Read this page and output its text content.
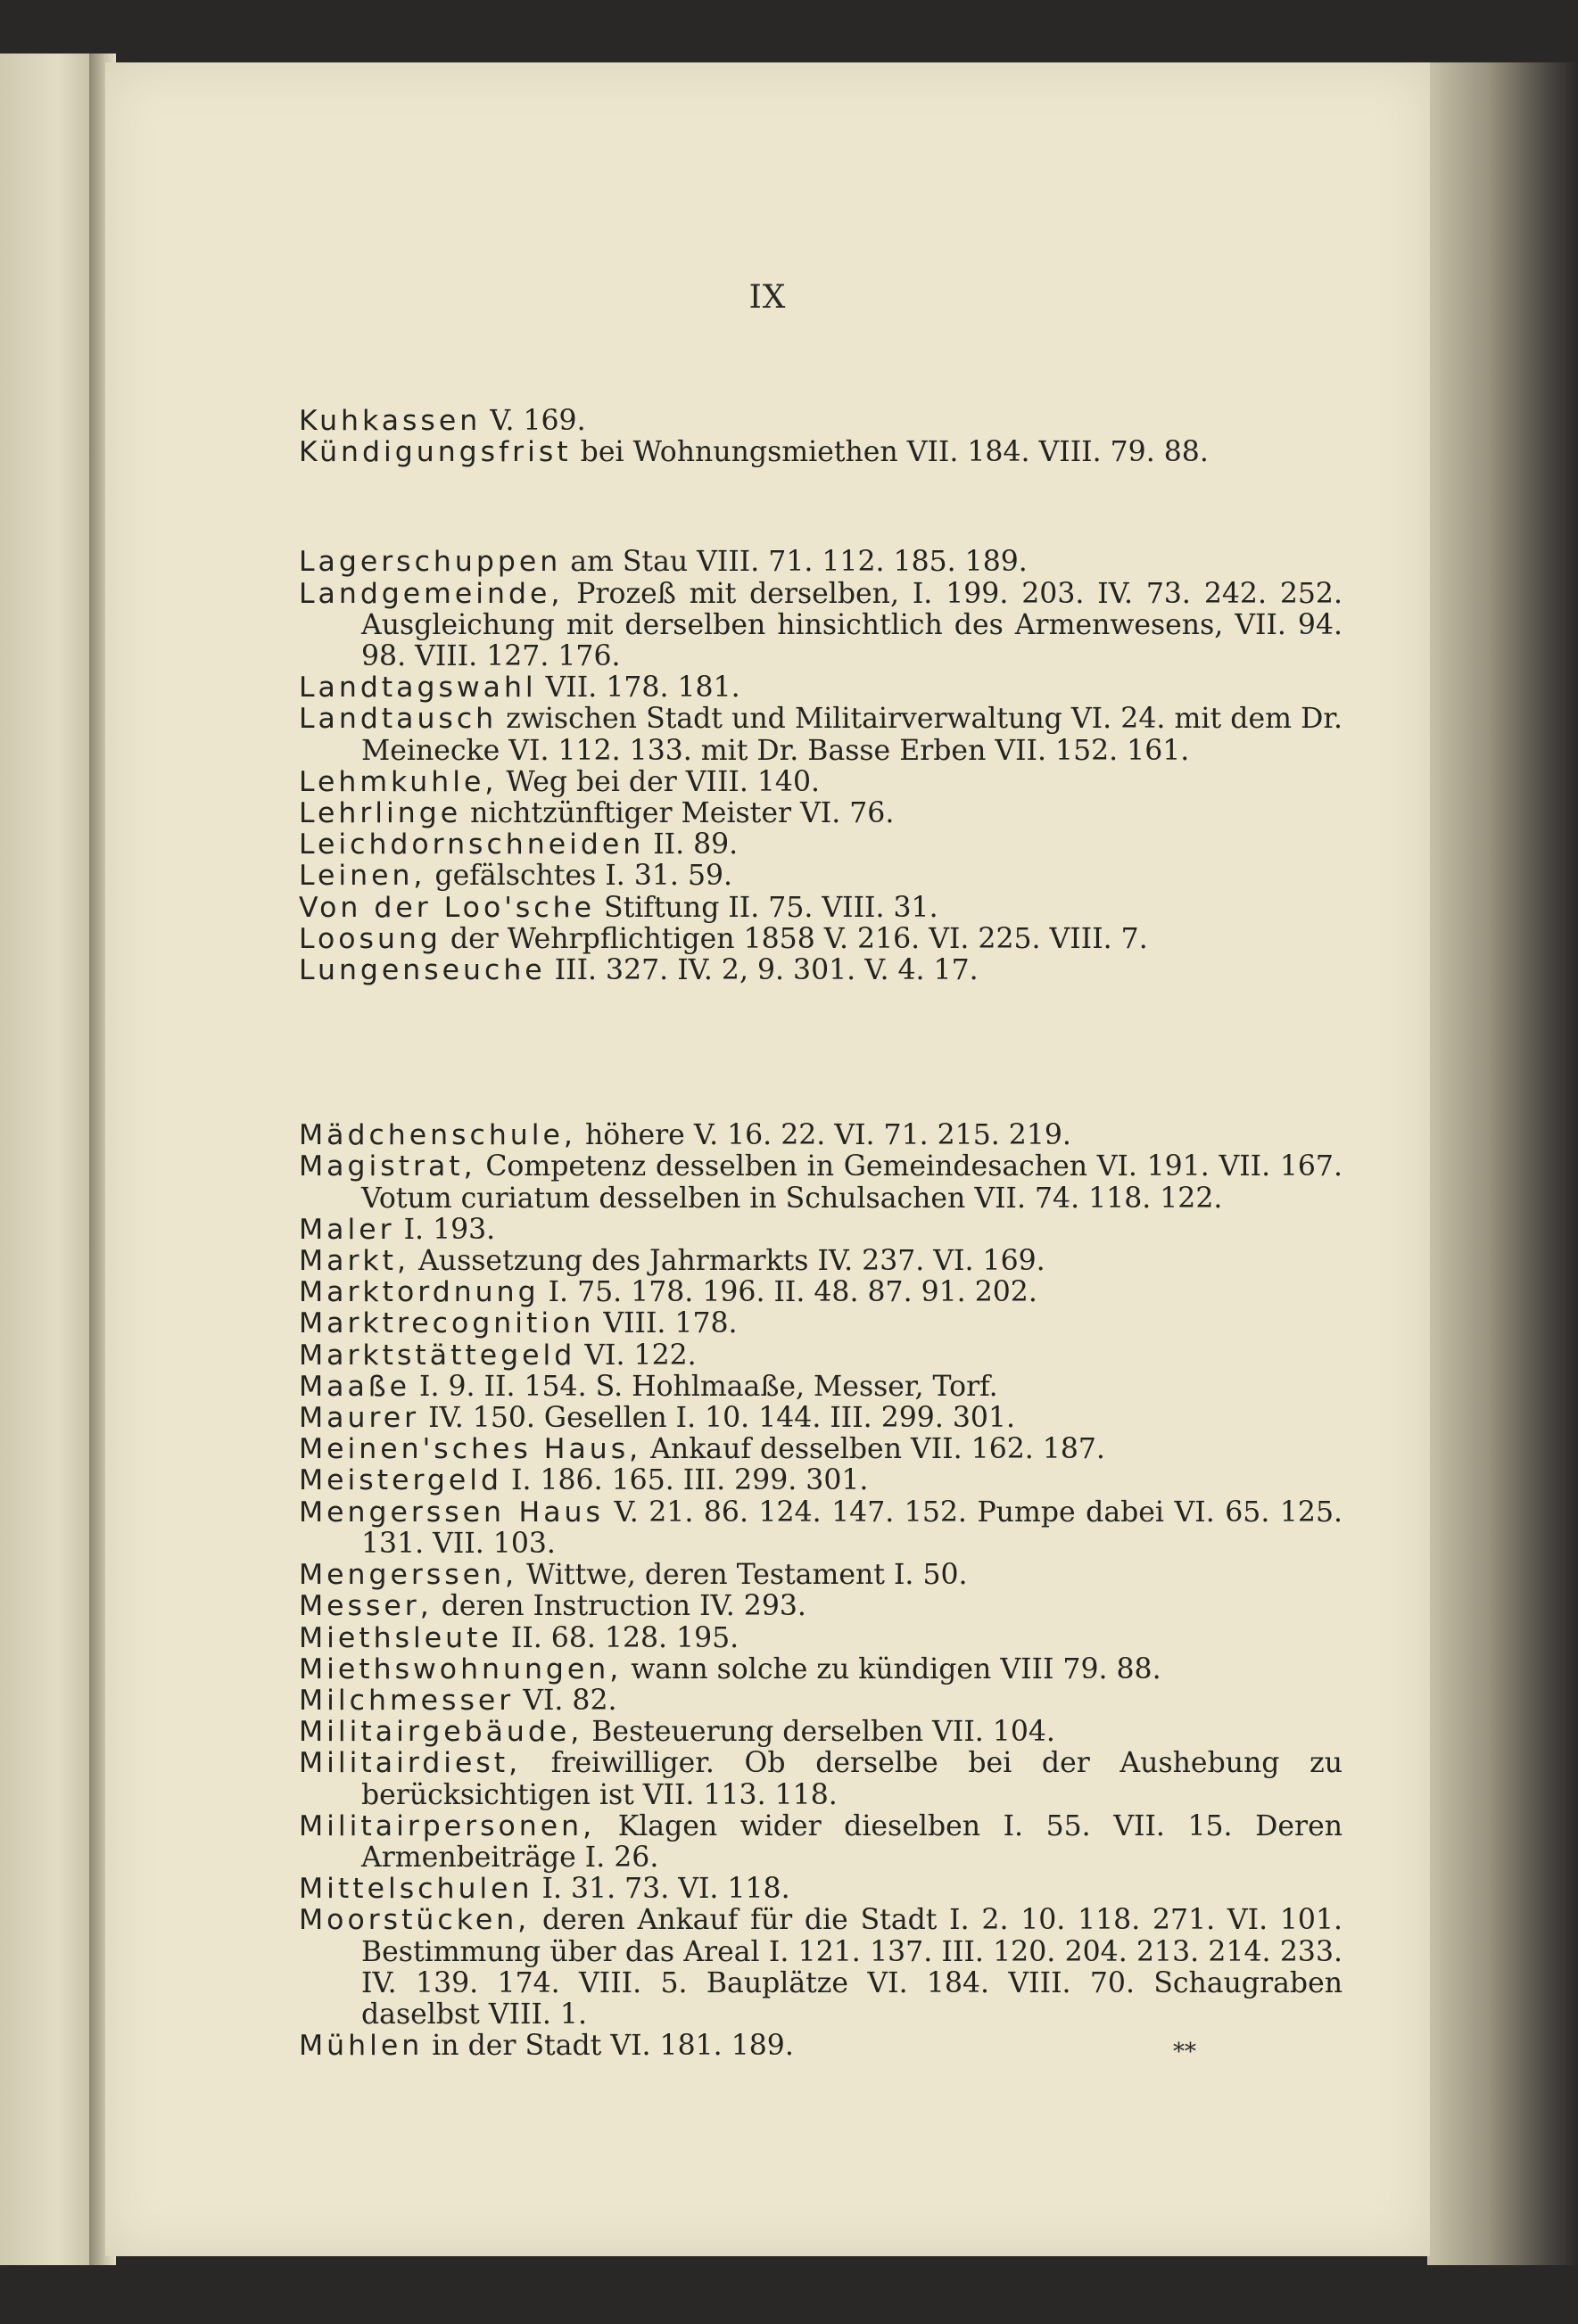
IX
Kuhkassen V. 169.
Kündigungsfrist bei Wohnungsmiethen VII. 184. VIII. 79. 88.
Lagerschuppen am Stau VIII. 71. 112. 185. 189.
Landgemeinde, Prozeß mit derselben, I. 199. 203. IV. 73. 242. 252. Ausgleichung mit derselben hinsichtlich des Armenwesens, VII. 94. 98. VIII. 127. 176.
Landtagswahl VII. 178. 181.
Landtausch zwischen Stadt und Militairverwaltung VI. 24. mit dem Dr. Meinecke VI. 112. 133. mit Dr. Basse Erben VII. 152. 161.
Lehmkuhle, Weg bei der VIII. 140.
Lehrlinge nichtzünftiger Meister VI. 76.
Leichdornschneiden II. 89.
Leinen, gefälschtes I. 31. 59.
Von der Loo'sche Stiftung II. 75. VIII. 31.
Loosung der Wehrpflichtigen 1858 V. 216. VI. 225. VIII. 7.
Lungenseuche III. 327. IV. 2, 9. 301. V. 4. 17.
Mädchenschule, höhere V. 16. 22. VI. 71. 215. 219.
Magistrat, Competenz desselben in Gemeindesachen VI. 191. VII. 167. Votum curiatum desselben in Schulsachen VII. 74. 118. 122.
Maler I. 193.
Markt, Aussetzung des Jahrmarkts IV. 237. VI. 169.
Marktordnung I. 75. 178. 196. II. 48. 87. 91. 202.
Marktrecognition VIII. 178.
Marktstättegeld VI. 122.
Maaße I. 9. II. 154. S. Hohlmaaße, Messer, Torf.
Maurer IV. 150. Gesellen I. 10. 144. III. 299. 301.
Meinen'sches Haus, Ankauf desselben VII. 162. 187.
Meistergeld I. 186. 165. III. 299. 301.
Mengerssen Haus V. 21. 86. 124. 147. 152. Pumpe dabei VI. 65. 125. 131. VII. 103.
Mengerssen, Wittwe, deren Testament I. 50.
Messer, deren Instruction IV. 293.
Miethsleute II. 68. 128. 195.
Miethswohnungen, wann solche zu kündigen VIII 79. 88.
Milchmesser VI. 82.
Militairgebäude, Besteuerung derselben VII. 104.
Militairdiest, freiwilliger. Ob derselbe bei der Aushebung zu berücksichtigen ist VII. 113. 118.
Militairpersonen, Klagen wider dieselben I. 55. VII. 15. Deren Armenbeiträge I. 26.
Mittelschulen I. 31. 73. VI. 118.
Moorstücken, deren Ankauf für die Stadt I. 2. 10. 118. 271. VI. 101. Bestimmung über das Areal I. 121. 137. III. 120. 204. 213. 214. 233. IV. 139. 174. VIII. 5. Bauplätze VI. 184. VIII. 70. Schaugraben daselbst VIII. 1.
Mühlen in der Stadt VI. 181. 189.	**
